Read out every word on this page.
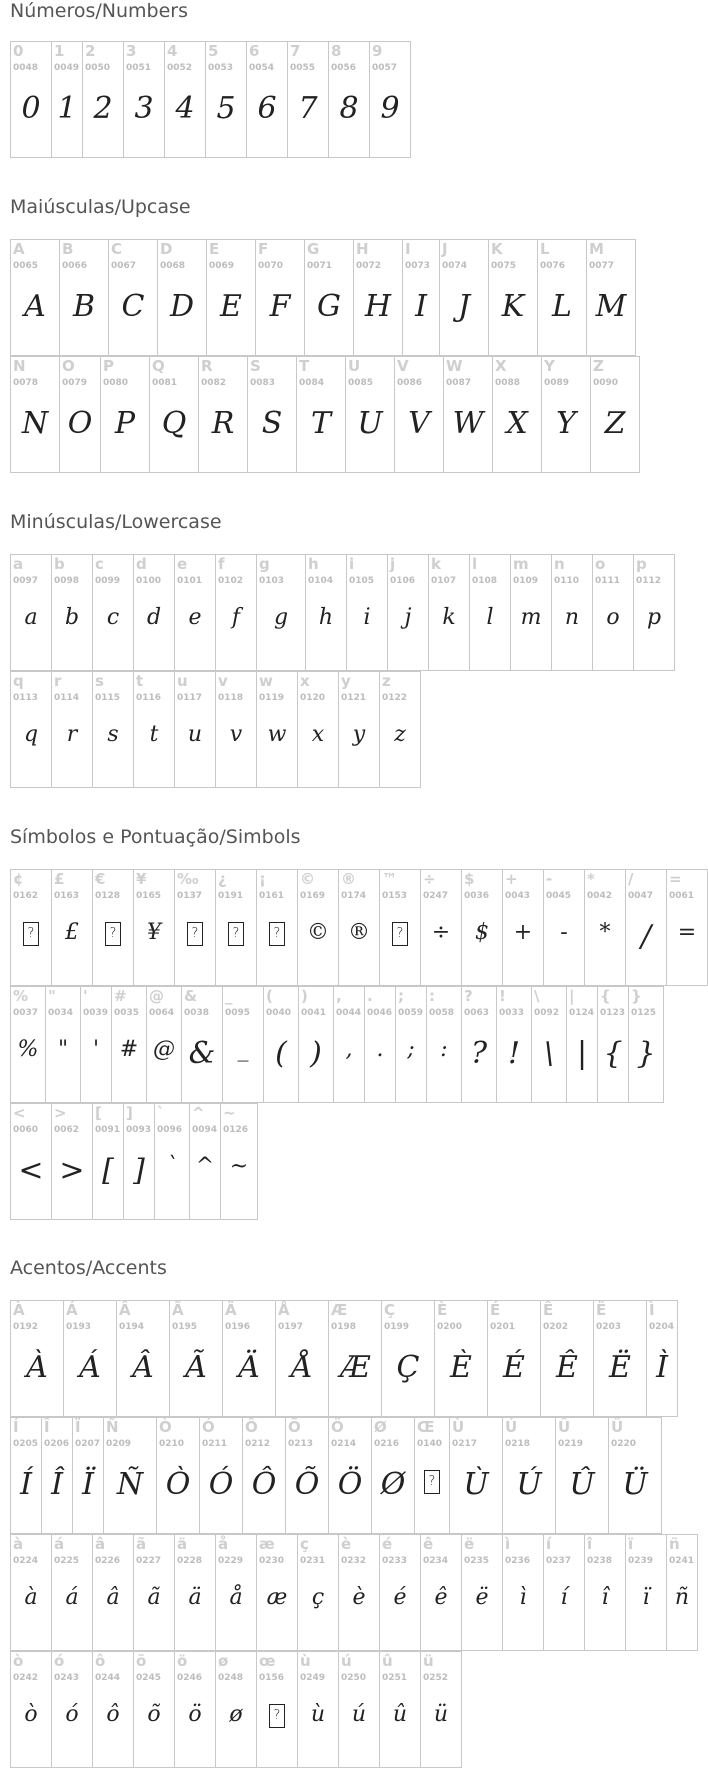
Números/Numbers
Maiúsculas/Upcase
Minúsculas/Lowercase
Símbolos e Pontuação/Simbols
Acentos/Accents
0
0048
0
1
0049
1
2
0050
2
3
0051
3
4
0052
4
5
0053
5
6
0054
6
7
0055
7
8
0056
8
9
0057
9
A
0065
A
B
0066
B
C
0067
C
D
0068
D
E
0069
E
F
0070
F
G
0071
G
H
0072
H
I
0073
I
J
0074
J
K
0075
K
L
0076
L
M
0077
M
N
0078
N
O
0079
O
P
0080
P
Q
0081
Q
R
0082
R
S
0083
S
T
0084
T
U
0085
U
V
0086
V
W
0087
W
X
0088
X
Y
0089
Y
Z
0090
Z
a
0097
a
b
0098
b
c
0099
c
d
0100
d
e
0101
e
f
0102
f
g
0103
g
h
0104
h
i
0105
i
j
0106
j
k
0107
k
l
0108
l
m
0109
m
n
0110
n
o
0111
o
p
0112
p
q
0113
q
r
0114
r
s
0115
s
t
0116
t
u
0117
u
v
0118
v
w
0119
w
x
0120
x
y
0121
y
z
0122
z
¢
0162
?
£
0163
£
€
0128
?
¥
0165
¥
‰
0137
?
¿
0191
?
¡
0161
?
©
0169
©
®
0174
®
™
0153
?
÷
0247
÷
$
0036
$
+
0043
+
-
0045
-
*
0042
*
/
0047
/
=
0061
=
%
0037
%
"
0034
"
'
0039
'
#
0035
#
@
0064
@
&
0038
&
_
0095
_
(
0040
(
)
0041
)
,
0044
,
.
0046
.
;
0059
;
:
0058
:
?
0063
?
!
0033
!
\
0092
\
|
0124
|
{
0123
{
}
0125
}
<
0060
<
>
0062
>
[
0091
[
]
0093
]
`
0096
`
^
0094
^
~
0126
~
À
0192
À
Á
0193
Á
Â
0194
Â
Ã
0195
Ã
Ä
0196
Ä
Å
0197
Å
Æ
0198
Æ
Ç
0199
Ç
È
0200
È
É
0201
É
Ê
0202
Ê
Ë
0203
Ë
Ì
0204
Ì
Í
0205
Í
Î
0206
Î
Ï
0207
Ï
Ñ
0209
Ñ
Ò
0210
Ò
Ó
0211
Ó
Ô
0212
Ô
Õ
0213
Õ
Ö
0214
Ö
Ø
0216
Ø
Œ
0140
?
Ù
0217
Ù
Ú
0218
Ú
Û
0219
Û
Ü
0220
Ü
à
0224
à
á
0225
á
â
0226
â
ã
0227
ã
ä
0228
ä
å
0229
å
æ
0230
æ
ç
0231
ç
è
0232
è
é
0233
é
ê
0234
ê
ë
0235
ë
ì
0236
ì
í
0237
í
î
0238
î
ï
0239
ï
ñ
0241
ñ
ò
0242
ò
ó
0243
ó
ô
0244
ô
õ
0245
õ
ö
0246
ö
ø
0248
ø
œ
0156
?
ù
0249
ù
ú
0250
ú
û
0251
û
ü
0252
ü
